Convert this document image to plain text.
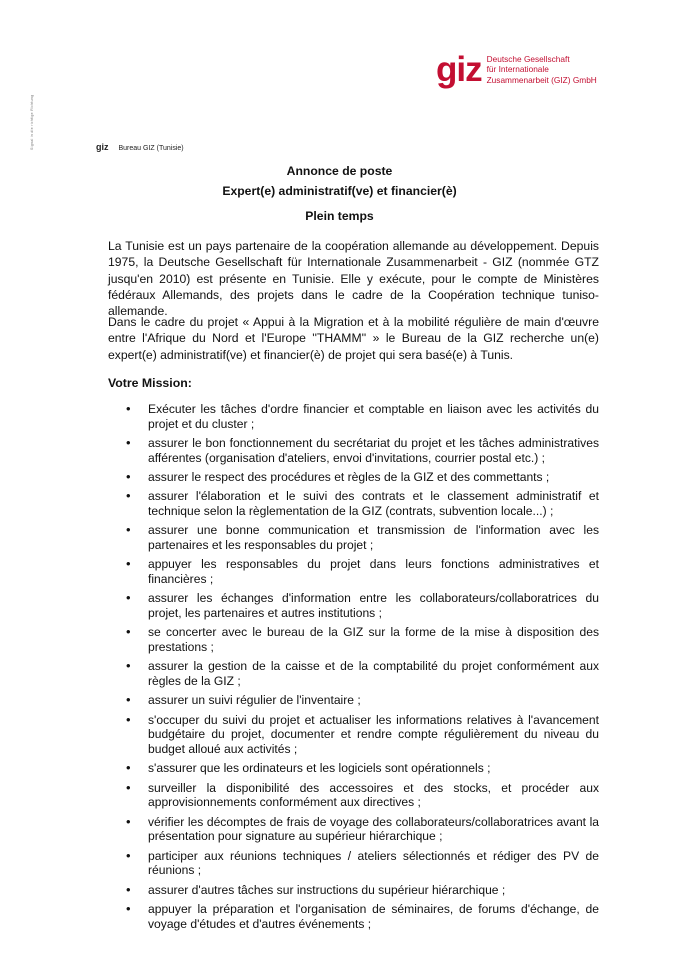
Signal in die richtige Richtung
giz Deutsche Gesellschaft
für Internationale
Zusammenarbeit (GIZ) GmbH
giz Bureau GIZ (Tunisie)
Annonce de poste
Expert(e) administratif(ve) et financier(è)
Plein temps
La Tunisie est un pays partenaire de la coopération allemande au développement. Depuis 1975, la Deutsche Gesellschaft für Internationale Zusammenarbeit - GIZ (nommée GTZ jusqu'en 2010) est présente en Tunisie. Elle y exécute, pour le compte de Ministères fédéraux Allemands, des projets dans le cadre de la Coopération technique tuniso-allemande.
Dans le cadre du projet « Appui à la Migration et à la mobilité régulière de main d'œuvre entre l'Afrique du Nord et l'Europe ''THAMM'' » le Bureau de la GIZ recherche un(e) expert(e) administratif(ve) et financier(è) de projet qui sera basé(e) à Tunis.
Votre Mission:
• Exécuter les tâches d'ordre financier et comptable en liaison avec les activités du projet et du cluster ;
• assurer le bon fonctionnement du secrétariat du projet et les tâches administratives afférentes (organisation d'ateliers, envoi d'invitations, courrier postal etc.) ;
• assurer le respect des procédures et règles de la GIZ et des commettants ;
• assurer l'élaboration et le suivi des contrats et le classement administratif et technique selon la règlementation de la GIZ (contrats, subvention locale...) ;
• assurer une bonne communication et transmission de l'information avec les partenaires et les responsables du projet ;
• appuyer les responsables du projet dans leurs fonctions administratives et financières ;
• assurer les échanges d'information entre les collaborateurs/collaboratrices du projet, les partenaires et autres institutions ;
• se concerter avec le bureau de la GIZ sur la forme de la mise à disposition des prestations ;
• assurer la gestion de la caisse et de la comptabilité du projet conformément aux règles de la GIZ ;
• assurer un suivi régulier de l'inventaire ;
• s'occuper du suivi du projet et actualiser les informations relatives à l'avancement budgétaire du projet, documenter et rendre compte régulièrement du niveau du budget alloué aux activités ;
• s'assurer que les ordinateurs et les logiciels sont opérationnels ;
• surveiller la disponibilité des accessoires et des stocks, et procéder aux approvisionnements conformément aux directives ;
• vérifier les décomptes de frais de voyage des collaborateurs/collaboratrices avant la présentation pour signature au supérieur hiérarchique ;
• participer aux réunions techniques / ateliers sélectionnés et rédiger des PV de réunions ;
• assurer d'autres tâches sur instructions du supérieur hiérarchique ;
• appuyer la préparation et l'organisation de séminaires, de forums d'échange, de voyage d'études et d'autres événements ;
